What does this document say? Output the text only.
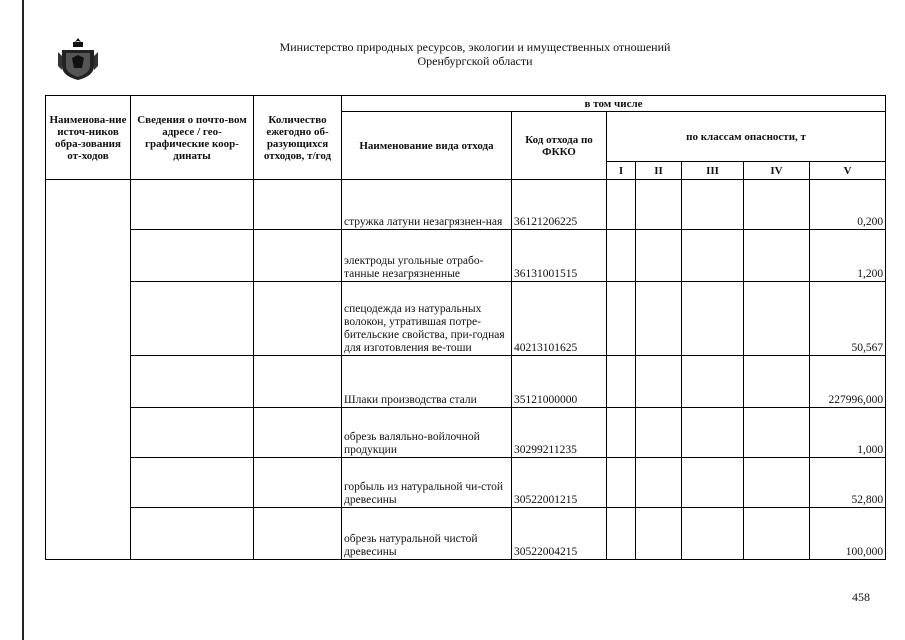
Министерство природных ресурсов, экологии и имущественных отношений
Оренбургской области
Наименова-ние источ-ников обра-зования от-ходов	Сведения о почто-вом адресе / гео-графические коор-динаты	Количество ежегодно об-разующихся отходов, т/год	в том числе						
			Наименование вида отхода	Код отхода по ФККО	по классам опасности, т				
					I	II	III	IV	V
			стружка латуни незагрязнен-ная	36121206225					0,200
			электроды угольные отрабо-танные незагрязненные	36131001515					1,200
			спецодежда из натуральных волокон, утратившая потре-бительские свойства, при-годная для изготовления ве-тоши	40213101625					50,567
			Шлаки производства стали	35121000000					227996,000
			обрезь валяльно-войлочной продукции	30299211235					1,000
			горбыль из натуральной чи-стой древесины	30522001215					52,800
			обрезь натуральной чистой древесины	30522004215					100,000
458
